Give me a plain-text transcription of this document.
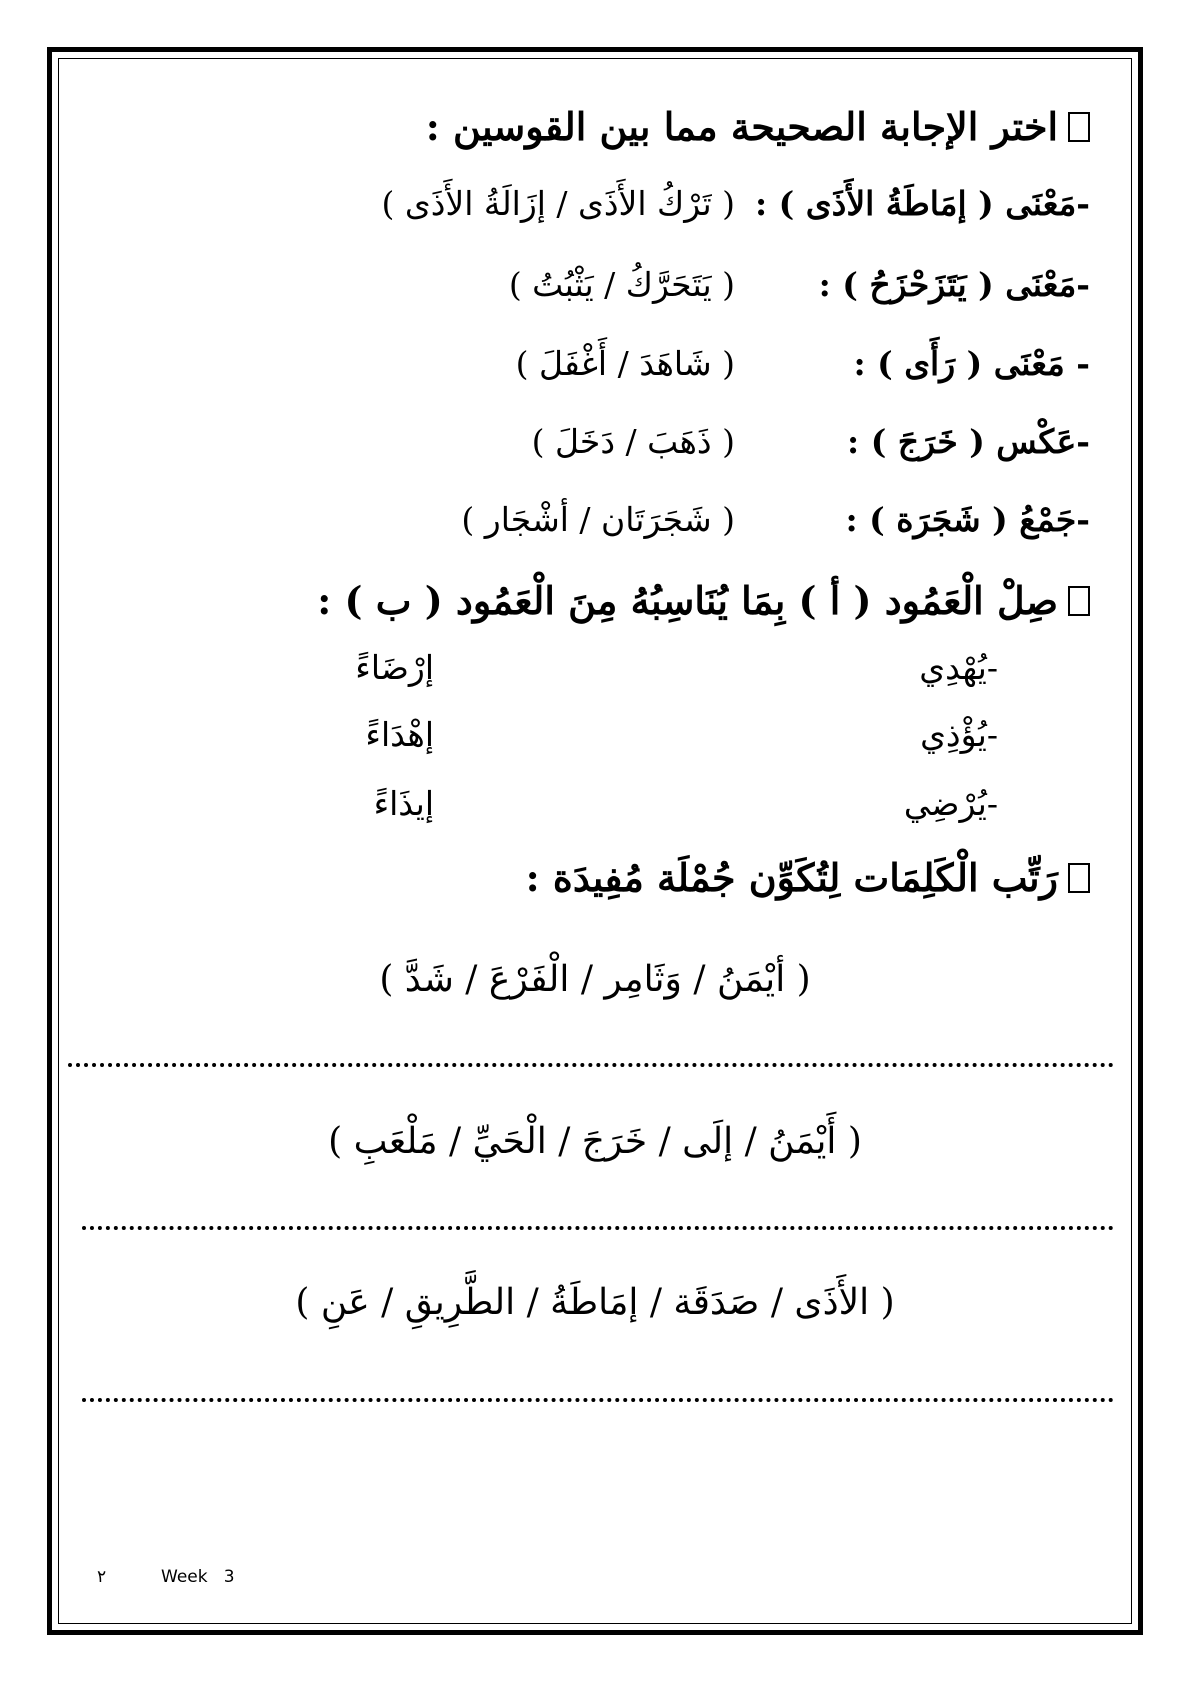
اختر الإجابة الصحيحة مما بين القوسين :
-مَعْنَى ( إمَاطَةُ الأَذَى ) :
( تَرْكُ الأَذَى / إزَالَةُ الأَذَى )
-مَعْنَى ( يَتَزَحْزَحُ ) :
( يَتَحَرَّكُ / يَثْبُتُ )
- مَعْنَى ( رَأَى ) :
( شَاهَدَ / أَغْفَلَ )
-عَكْس ( خَرَجَ ) :
( ذَهَبَ / دَخَلَ )
-جَمْعُ ( شَجَرَة ) :
( شَجَرَتَان / أشْجَار )
صِلْ الْعَمُود ( أ ) بِمَا يُنَاسِبُهُ مِنَ الْعَمُود ( ب ) :
-يُهْدِي
-يُؤْذِي
-يُرْضِي
إرْضَاءً
إهْدَاءً
إيذَاءً
رَتِّب الْكَلِمَات لِتُكَوِّن جُمْلَة مُفِيدَة :
( أيْمَنُ / وَثَامِر / الْفَرْعَ / شَدَّ )
( أَيْمَنُ / إلَى / خَرَجَ / الْحَيِّ / مَلْعَبِ )
( الأَذَى / صَدَقَة / إمَاطَةُ / الطَّرِيقِ / عَنِ )
٢	Week   3
